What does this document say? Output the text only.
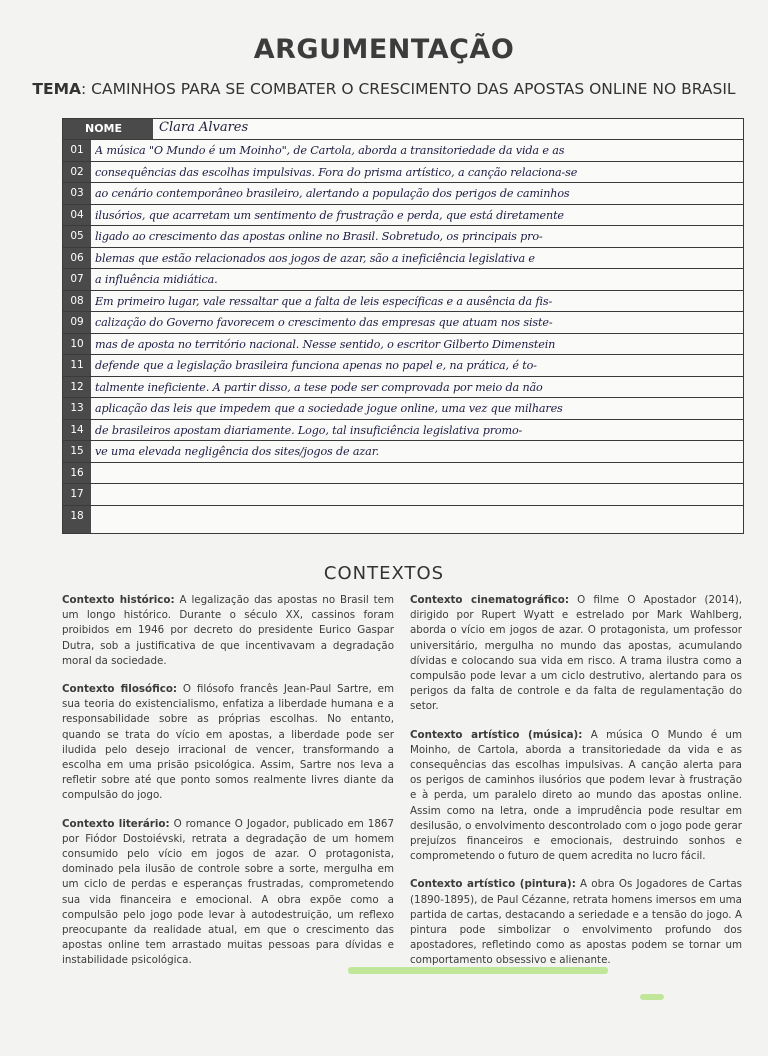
ARGUMENTAÇÃO
TEMA: CAMINHOS PARA SE COMBATER O CRESCIMENTO DAS APOSTAS ONLINE NO BRASIL
NOME	Clara Alvares
01	A música "O Mundo é um Moinho", de Cartola, aborda a transitoriedade da vida e as
02	consequências das escolhas impulsivas. Fora do prisma artístico, a canção relaciona-se
03	ao cenário contemporâneo brasileiro, alertando a população dos perigos de caminhos
04	ilusórios, que acarretam um sentimento de frustração e perda, que está diretamente
05	ligado ao crescimento das apostas online no Brasil. Sobretudo, os principais pro-
06	blemas que estão relacionados aos jogos de azar, são a ineficiência legislativa e
07	a influência midiática.
08	Em primeiro lugar, vale ressaltar que a falta de leis específicas e a ausência da fis-
09	calização do Governo favorecem o crescimento das empresas que atuam nos siste-
10	mas de aposta no território nacional. Nesse sentido, o escritor Gilberto Dimenstein
11	defende que a legislação brasileira funciona apenas no papel e, na prática, é to-
12	talmente ineficiente. A partir disso, a tese pode ser comprovada por meio da não
13	aplicação das leis que impedem que a sociedade jogue online, uma vez que milhares
14	de brasileiros apostam diariamente. Logo, tal insuficiência legislativa promo-
15	ve uma elevada negligência dos sites/jogos de azar.
16
17
18
CONTEXTOS

Contexto histórico: A legalização das apostas no Brasil tem um longo histórico. Durante o século XX, cassinos foram proibidos em 1946 por decreto do presidente Eurico Gaspar Dutra, sob a justificativa de que incentivavam a degradação moral da sociedade.

Contexto filosófico: O filósofo francês Jean-Paul Sartre, em sua teoria do existencialismo, enfatiza a liberdade humana e a responsabilidade sobre as próprias escolhas. No entanto, quando se trata do vício em apostas, a liberdade pode ser iludida pelo desejo irracional de vencer, transformando a escolha em uma prisão psicológica. Assim, Sartre nos leva a refletir sobre até que ponto somos realmente livres diante da compulsão do jogo.

Contexto literário: O romance O Jogador, publicado em 1867 por Fiódor Dostoiévski, retrata a degradação de um homem consumido pelo vício em jogos de azar. O protagonista, dominado pela ilusão de controle sobre a sorte, mergulha em um ciclo de perdas e esperanças frustradas, comprometendo sua vida financeira e emocional. A obra expõe como a compulsão pelo jogo pode levar à autodestruição, um reflexo preocupante da realidade atual, em que o crescimento das apostas online tem arrastado muitas pessoas para dívidas e instabilidade psicológica.

Contexto cinematográfico: O filme O Apostador (2014), dirigido por Rupert Wyatt e estrelado por Mark Wahlberg, aborda o vício em jogos de azar. O protagonista, um professor universitário, mergulha no mundo das apostas, acumulando dívidas e colocando sua vida em risco. A trama ilustra como a compulsão pode levar a um ciclo destrutivo, alertando para os perigos da falta de controle e da falta de regulamentação do setor.

Contexto artístico (música): A música O Mundo é um Moinho, de Cartola, aborda a transitoriedade da vida e as consequências das escolhas impulsivas. A canção alerta para os perigos de caminhos ilusórios que podem levar à frustração e à perda, um paralelo direto ao mundo das apostas online. Assim como na letra, onde a imprudência pode resultar em desilusão, o envolvimento descontrolado com o jogo pode gerar prejuízos financeiros e emocionais, destruindo sonhos e comprometendo o futuro de quem acredita no lucro fácil.

Contexto artístico (pintura): A obra Os Jogadores de Cartas (1890-1895), de Paul Cézanne, retrata homens imersos em uma partida de cartas, destacando a seriedade e a tensão do jogo. A pintura pode simbolizar o envolvimento profundo dos apostadores, refletindo como as apostas podem se tornar um comportamento obsessivo e alienante.
